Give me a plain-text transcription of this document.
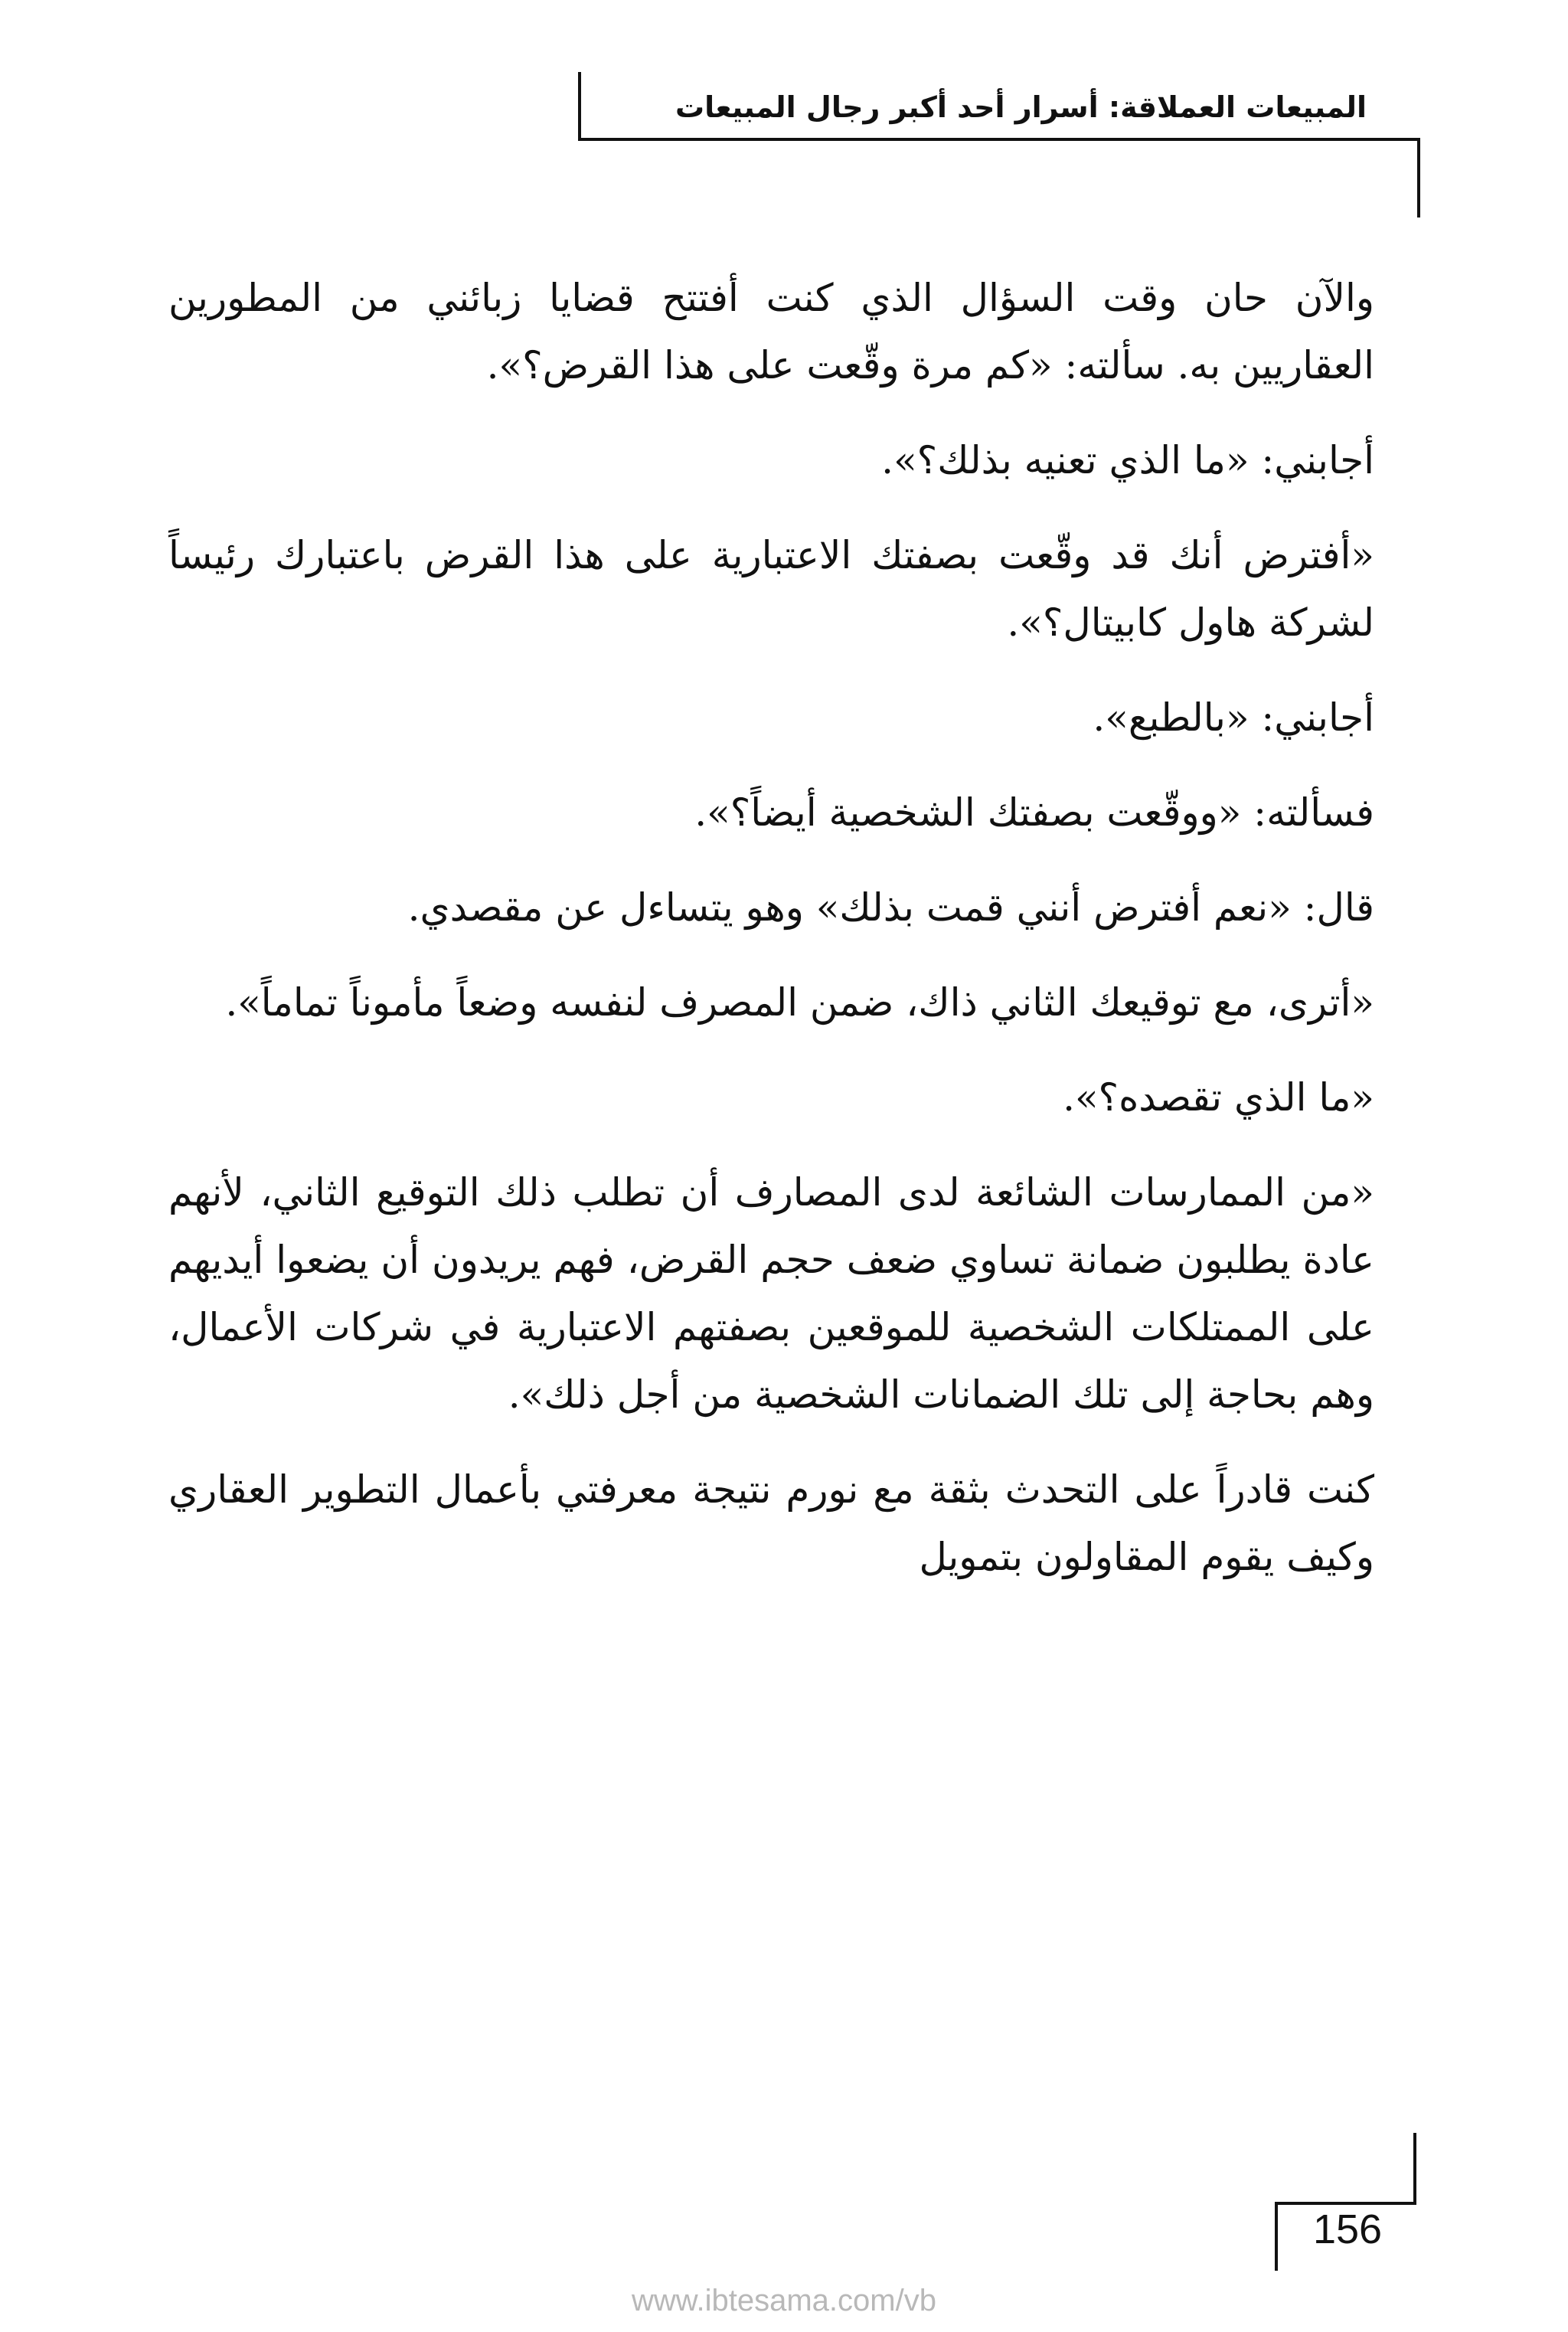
المبيعات العملاقة: أسرار أحد أكبر رجال المبيعات

والآن حان وقت السؤال الذي كنت أفتتح قضايا زبائني من المطورين العقاريين به. سألته: «كم مرة وقّعت على هذا القرض؟».

أجابني: «ما الذي تعنيه بذلك؟».

«أفترض أنك قد وقّعت بصفتك الاعتبارية على هذا القرض باعتبارك رئيساً لشركة هاول كابيتال؟».

أجابني: «بالطبع».

فسألته: «ووقّعت بصفتك الشخصية أيضاً؟».

قال: «نعم أفترض أنني قمت بذلك» وهو يتساءل عن مقصدي.

«أترى، مع توقيعك الثاني ذاك، ضمن المصرف لنفسه وضعاً مأموناً تماماً».

«ما الذي تقصده؟».

«من الممارسات الشائعة لدى المصارف أن تطلب ذلك التوقيع الثاني، لأنهم عادة يطلبون ضمانة تساوي ضعف حجم القرض، فهم يريدون أن يضعوا أيديهم على الممتلكات الشخصية للموقعين بصفتهم الاعتبارية في شركات الأعمال، وهم بحاجة إلى تلك الضمانات الشخصية من أجل ذلك».

كنت قادراً على التحدث بثقة مع نورم نتيجة معرفتي بأعمال التطوير العقاري وكيف يقوم المقاولون بتمويل

156
www.ibtesama.com/vb
